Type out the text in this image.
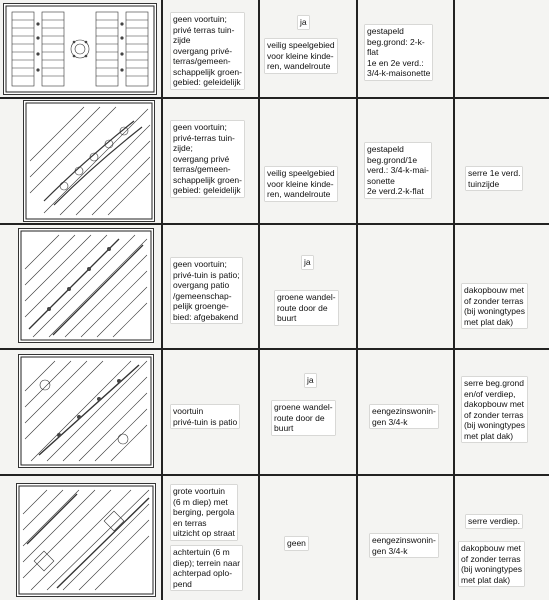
geen voortuin;
privé terras tuin-
zijde
overgang privé-
terras/gemeen-
schappelijk groen-
gebied: geleidelijk
ja
veilig speelgebied
voor kleine kinde-
ren, wandelroute
gestapeld
beg.grond: 2-k-
flat
1e en 2e verd.:
3/4-k-maisonette
geen voortuin;
privé-terras tuin-
zijde;
overgang privé
terras/gemeen-
schappelijk groen-
gebied: geleidelijk
veilig speelgebied
voor kleine kinde-
ren, wandelroute
gestapeld
beg.grond/1e
verd.: 3/4-k-mai-
sonette
2e verd.2-k-flat
serre 1e verd.
tuinzijde
geen voortuin;
privé-tuin is patio;
overgang patio
/gemeenschap-
pelijk groenge-
bied: afgebakend
ja
groene wandel-
route door de
buurt
dakopbouw met
of zonder terras
(bij woningtypes
met plat dak)
voortuin
privé-tuin is patio
ja
groene wandel-
route door de
buurt
eengezinswonin-
gen 3/4-k
serre beg.grond
en/of verdiep,
dakopbouw met
of zonder terras
(bij woningtypes
met plat dak)
grote voortuin
(6 m diep) met
berging, pergola
en terras
uitzicht op straat
achtertuin (6 m
diep); terrein naar
achterpad oplo-
pend
geen	eengezinswonin-
gen 3/4-k
serre verdiep.
dakopbouw met
of zonder terras
(bij woningtypes
met plat dak)
